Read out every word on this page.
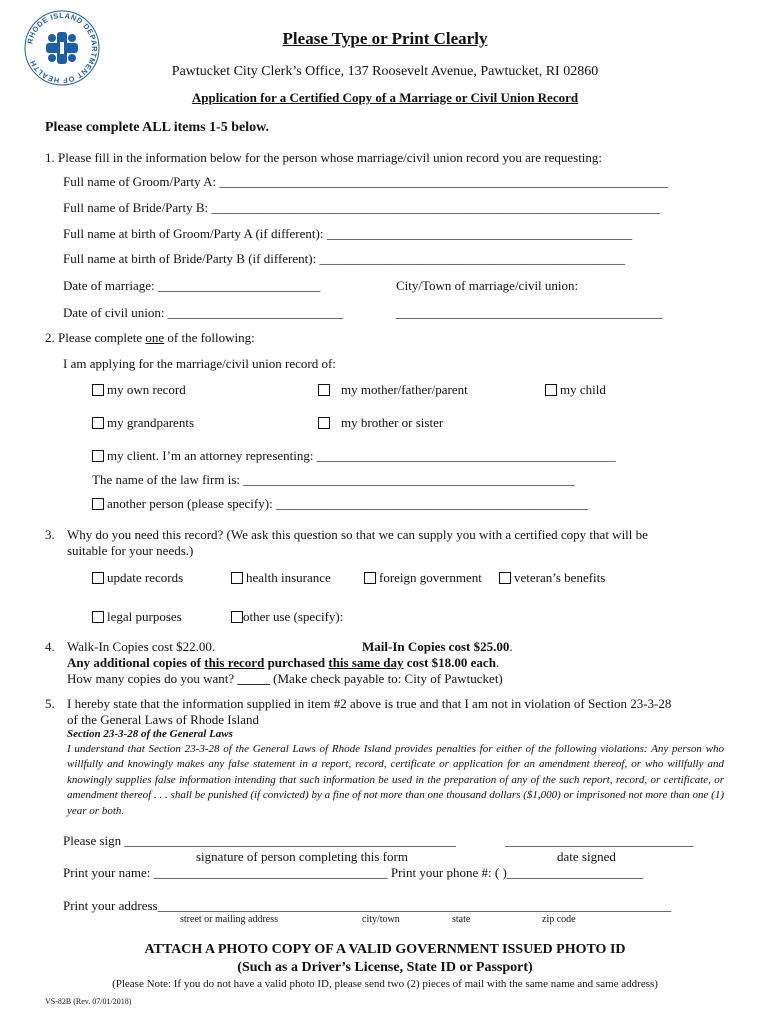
RHODE ISLAND DEPARTMENT OF HEALTH
Please Type or Print Clearly
Pawtucket City Clerk’s Office, 137 Roosevelt Avenue, Pawtucket, RI 02860
Application for a Certified Copy of a Marriage or Civil Union Record
Please complete ALL items 1-5 below.
1. Please fill in the information below for the person whose marriage/civil union record you are requesting:
Full name of Groom/Party A: _____________________________________________________________________
Full name of Bride/Party B: _____________________________________________________________________
Full name at birth of Groom/Party A (if different): _______________________________________________
Full name at birth of Bride/Party B (if different): _______________________________________________
Date of marriage: _________________________	City/Town of marriage/civil union:
Date of civil union: ___________________________	_________________________________________
2. Please complete one of the following:
I am applying for the marriage/civil union record of:
my own record	my mother/father/parent	my child
my grandparents	my brother or sister
my client. I’m an attorney representing: ______________________________________________
The name of the law firm is: ___________________________________________________
another person (please specify): ________________________________________________
3. Why do you need this record? (We ask this question so that we can supply you with a certified copy that will be
suitable for your needs.)
update records	health insurance	foreign government	veteran’s benefits
legal purposes	other use (specify):
4. Walk-In Copies cost $22.00.	Mail-In Copies cost $25.00.
Any additional copies of this record purchased this same day cost $18.00 each.
How many copies do you want? _____ (Make check payable to: City of Pawtucket)
5. I hereby state that the information supplied in item #2 above is true and that I am not in violation of Section 23-3-28
of the General Laws of Rhode Island
Section 23-3-28 of the General Laws
I understand that Section 23-3-28 of the General Laws of Rhode Island provides penalties for either of the following violations: Any person who willfully and knowingly makes any false statement in a report, record, certificate or application for an amendment thereof, or who willfully and knowingly supplies false information intending that such information be used in the preparation of any of the such report, record, or certificate, or amendment thereof . . . shall be punished (if convicted) by a fine of not more than one thousand dollars ($1,000) or imprisoned not more than one (1) year or both.
Please sign ___________________________________________________	_____________________________
signature of person completing this form	date signed
Print your name: ____________________________________ Print your phone #: ( )_____________________
Print your address_______________________________________________________________________________
street or mailing address	city/town	state	zip code
ATTACH A PHOTO COPY OF A VALID GOVERNMENT ISSUED PHOTO ID
(Such as a Driver’s License, State ID or Passport)
(Please Note: If you do not have a valid photo ID, please send two (2) pieces of mail with the same name and same address)
VS-82B (Rev. 07/01/2018)
